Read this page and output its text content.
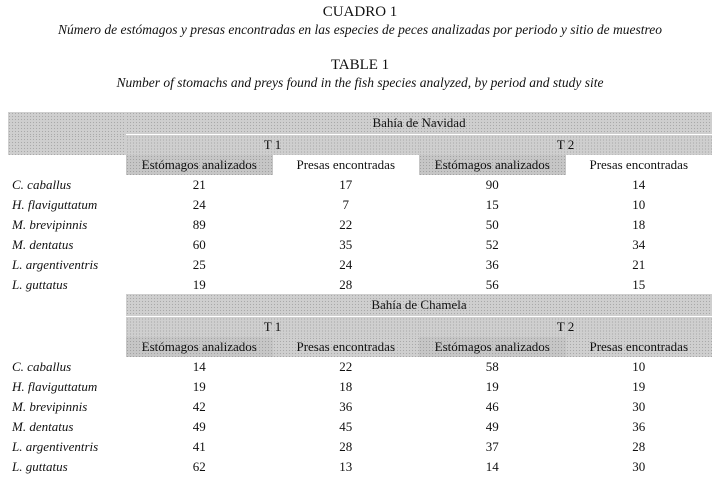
CUADRO 1
Número de estómagos y presas encontradas en las especies de peces analizadas por periodo y sitio de muestreo
TABLE 1
Number of stomachs and preys found in the fish species analyzed, by period and study site
	Bahía de Navidad			
	T 1		T 2	
	Estómagos analizados	Presas encontradas	Estómagos analizados	Presas encontradas
C. caballus	21	17	90	14
H. flaviguttatum	24	7	15	10
M. brevipinnis	89	22	50	18
M. dentatus	60	35	52	34
L. argentiventris	25	24	36	21
L. guttatus	19	28	56	15
	Bahía de Chamela			
	T 1		T 2	
	Estómagos analizados	Presas encontradas	Estómagos analizados	Presas encontradas
C. caballus	14	22	58	10
H. flaviguttatum	19	18	19	19
M. brevipinnis	42	36	46	30
M. dentatus	49	45	49	36
L. argentiventris	41	28	37	28
L. guttatus	62	13	14	30
